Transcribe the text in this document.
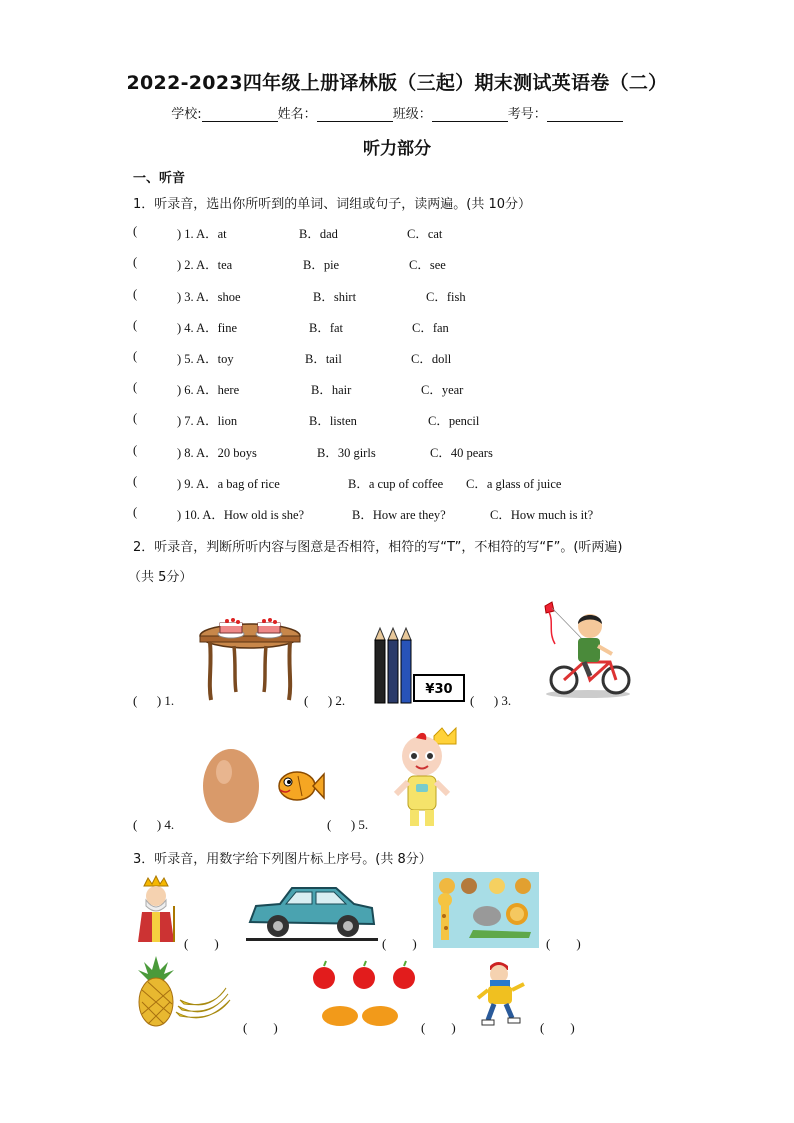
2022-2023四年级上册译林版（三起）期末测试英语卷（二）
学校:	姓名：	班级：	考号：
听力部分
一、听音
1．听录音，选出你所听到的单词、词组或句子，读两遍。(共 10分）
(	) 1. A．at	B．dad	C．cat
(	) 2. A．tea	B．pie	C．see
(	) 3. A．shoe	B．shirt	C．fish
(	) 4. A．fine	B．fat	C．fan
(	) 5. A．toy	B．tail	C．doll
(	) 6. A．here	B．hair	C．year
(	) 7. A．lion	B．listen	C．pencil
(	) 8. A．20 boys	B．30 girls	C．40 pears
(	) 9. A．a bag of rice	B．a cup of coffee C．a glass of juice
(	) 10. A．How old is she?	B．How are they?	C．How much is it?
2．听录音，判断所听内容与图意是否相符，相符的写“T”，不相符的写“F”。(听两遍)
（共 5分）
(      ) 1.	(      ) 2.	(      ) 3.
(      ) 4.	(      ) 5.
¥30
3．听录音，用数字给下列图片标上序号。(共 8分）
(        )	(        )	(        )
(        )	(        )	(        )
